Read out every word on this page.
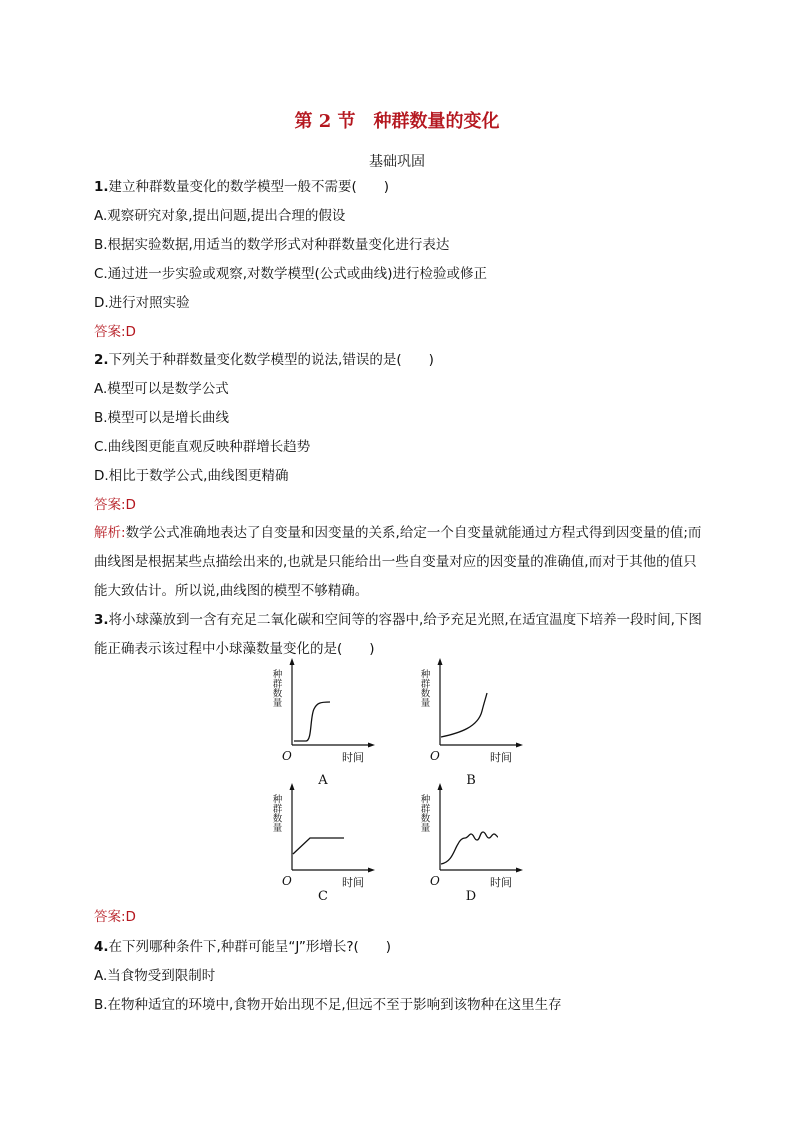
第 2 节　种群数量的变化
基础巩固
1.建立种群数量变化的数学模型一般不需要(　　)
A.观察研究对象,提出问题,提出合理的假设
B.根据实验数据,用适当的数学形式对种群数量变化进行表达
C.通过进一步实验或观察,对数学模型(公式或曲线)进行检验或修正
D.进行对照实验
答案:D
2.下列关于种群数量变化数学模型的说法,错误的是(　　)
A.模型可以是数学公式
B.模型可以是增长曲线
C.曲线图更能直观反映种群增长趋势
D.相比于数学公式,曲线图更精确
答案:D
解析:数学公式准确地表达了自变量和因变量的关系,给定一个自变量就能通过方程式得到因变量的值;而曲线图是根据某些点描绘出来的,也就是只能给出一些自变量对应的因变量的准确值,而对于其他的值只能大致估计。所以说,曲线图的模型不够精确。
3.将小球藻放到一含有充足二氧化碳和空间等的容器中,给予充足光照,在适宜温度下培养一段时间,下图能正确表示该过程中小球藻数量变化的是(　　)
种群数量
O	时间
A
种群数量
O	时间
B
种群数量
O	时间
C
种群数量
O	时间
D
答案:D
4.在下列哪种条件下,种群可能呈“J”形增长?(　　)
A.当食物受到限制时
B.在物种适宜的环境中,食物开始出现不足,但远不至于影响到该物种在这里生存
